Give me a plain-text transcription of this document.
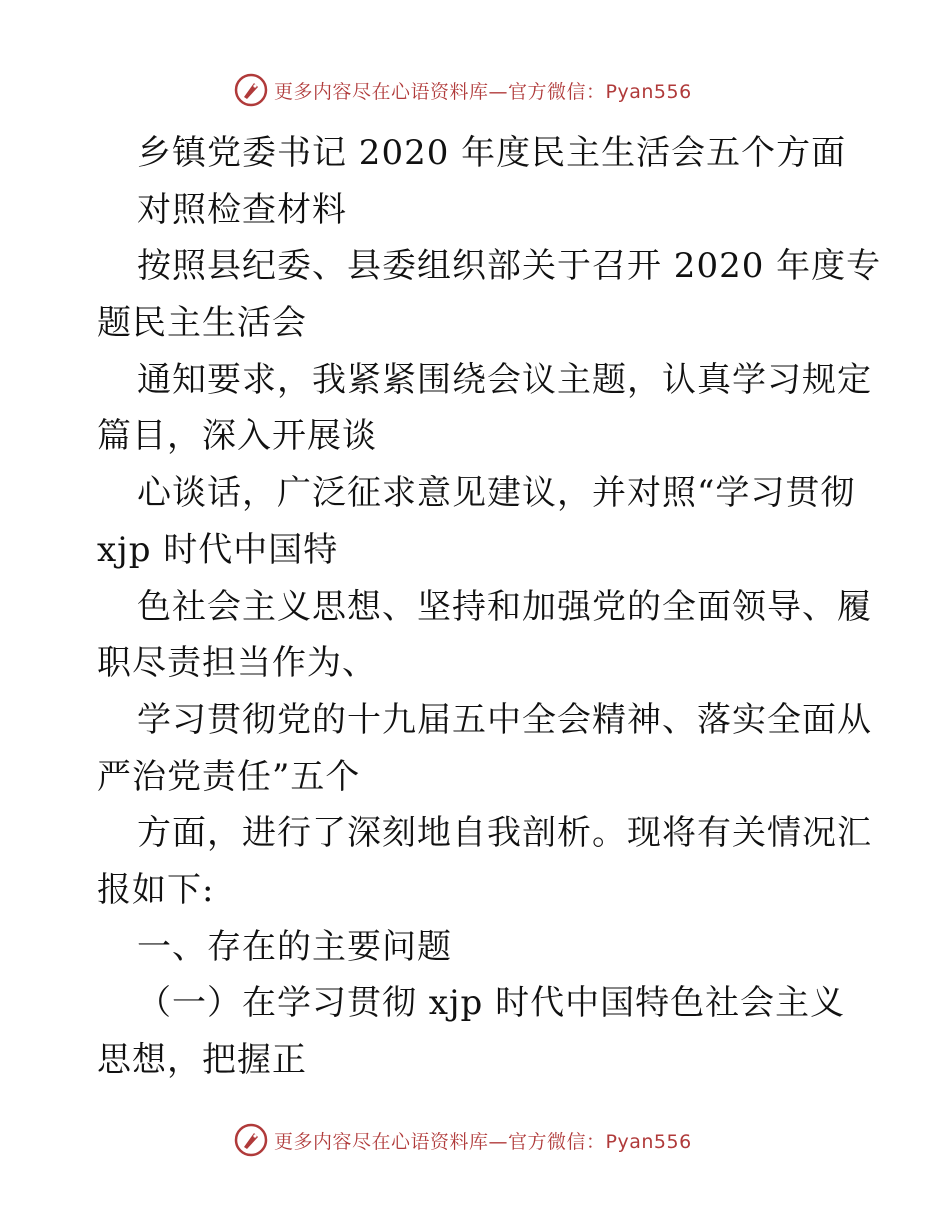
更多内容尽在心语资料库—官方微信：Pyan556
乡镇党委书记 2020 年度民主生活会五个方面
对照检查材料
按照县纪委、县委组织部关于召开 2020 年度专
题民主生活会
通知要求，我紧紧围绕会议主题，认真学习规定
篇目，深入开展谈
心谈话，广泛征求意见建议，并对照“学习贯彻
xjp 时代中国特
色社会主义思想、坚持和加强党的全面领导、履
职尽责担当作为、
学习贯彻党的十九届五中全会精神、落实全面从
严治党责任”五个
方面，进行了深刻地自我剖析。现将有关情况汇
报如下:
一、存在的主要问题
（一）在学习贯彻 xjp 时代中国特色社会主义
思想，把握正
更多内容尽在心语资料库—官方微信：Pyan556
